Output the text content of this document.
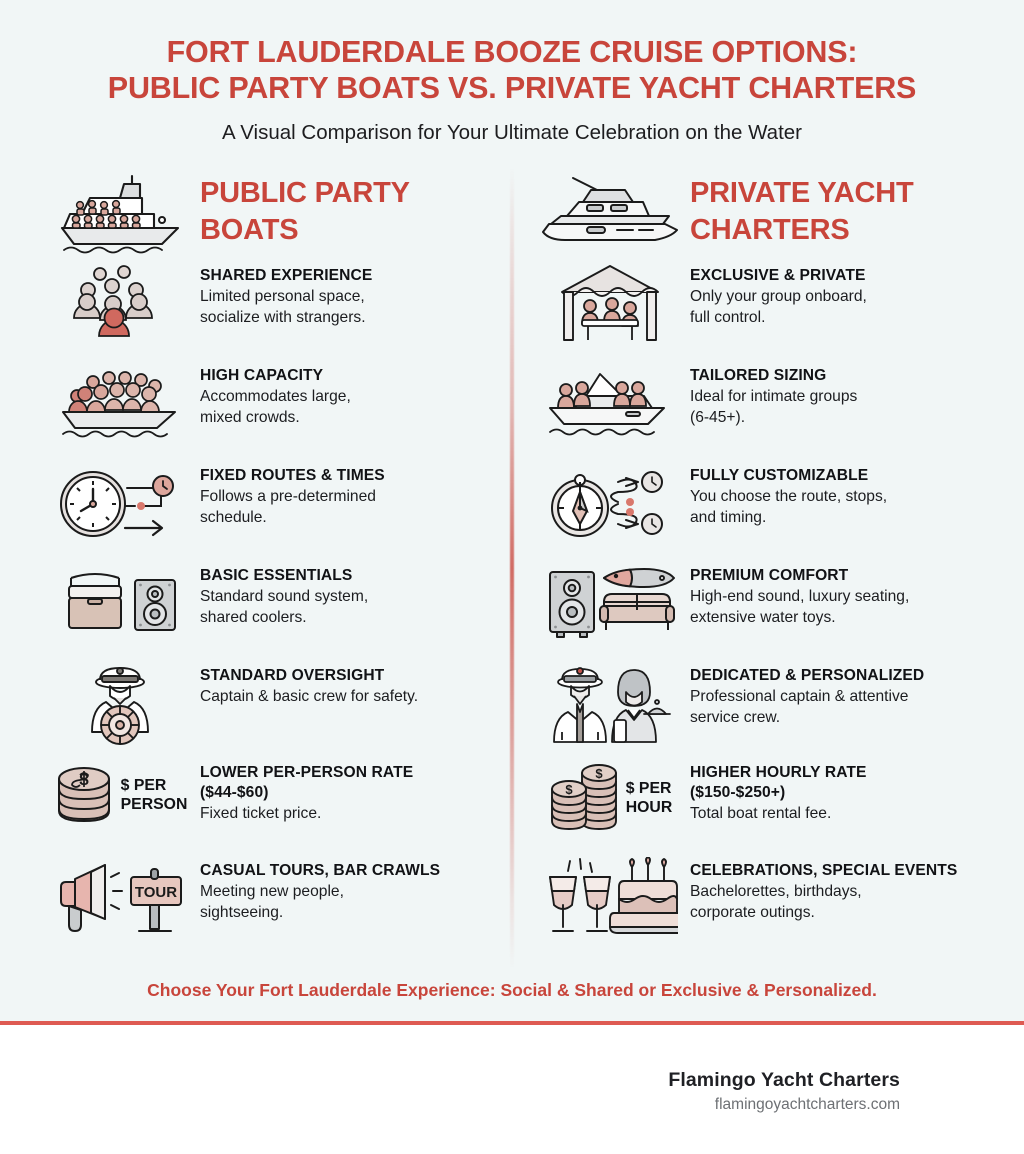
FORT LAUDERDALE BOOZE CRUISE OPTIONS:
PUBLIC PARTY BOATS VS. PRIVATE YACHT CHARTERS
A Visual Comparison for Your Ultimate Celebration on the Water
PUBLIC PARTY BOATS
SHARED EXPERIENCE
Limited personal space,
socialize with strangers.
HIGH CAPACITY
Accommodates large,
mixed crowds.
FIXED ROUTES & TIMES
Follows a pre-determined
schedule.
BASIC ESSENTIALS
Standard sound system,
shared coolers.
STANDARD OVERSIGHT
Captain & basic crew for safety.
$ $ PER
PERSON
LOWER PER-PERSON RATE
($44-$60)
Fixed ticket price.
TOUR
CASUAL TOURS, BAR CRAWLS
Meeting new people,
sightseeing.
PRIVATE YACHT CHARTERS
EXCLUSIVE & PRIVATE
Only your group onboard,
full control.
TAILORED SIZING
Ideal for intimate groups
(6-45+).
FULLY CUSTOMIZABLE
You choose the route, stops,
and timing.
PREMIUM COMFORT
High-end sound, luxury seating,
extensive water toys.
DEDICATED & PERSONALIZED
Professional captain & attentive
service crew.
$
$	$ PER
HOUR
HIGHER HOURLY RATE
($150-$250+)
Total boat rental fee.
CELEBRATIONS, SPECIAL EVENTS
Bachelorettes, birthdays,
corporate outings.
Choose Your Fort Lauderdale Experience: Social & Shared or Exclusive & Personalized.
Flamingo Yacht Charters
flamingoyachtcharters.com
